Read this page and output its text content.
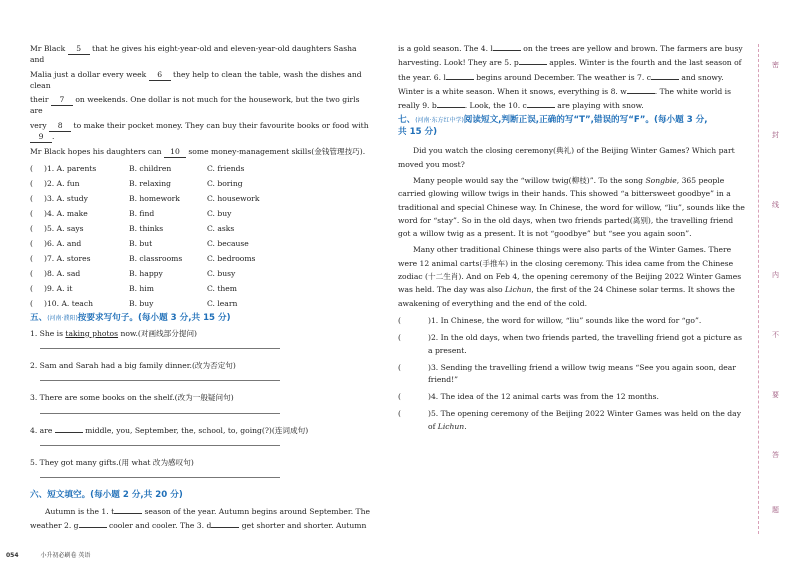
Mr Black 5 that he gives his eight-year-old and eleven-year-old daughters Sasha and

Malia just a dollar every week 6 they help to clean the table, wash the dishes and clean

their 7 on weekends. One dollar is not much for the housework, but the two girls are

very 8 to make their pocket money. They can buy their favourite books or food with 9 .

Mr Black hopes his daughters can 10 some money-management skills(金钱管理技巧).

(	)1. A. parents	B. children	C. friends
(	)2. A. fun	B. relaxing	C. boring
(	)3. A. study	B. homework	C. housework
(	)4. A. make	B. find	C. buy
(	)5. A. says	B. thinks	C. asks
(	)6. A. and	B. but	C. because
(	)7. A. stores	B. classrooms	C. bedrooms
(	)8. A. sad	B. happy	C. busy
(	)9. A. it	B. him	C. them
(	)10. A. teach	B. buy	C. learn
五、(河南·濮阳)按要求写句子。(每小题 3 分,共 15 分)

1. She is taking photos now.(对画线部分提问)

2. Sam and Sarah had a big family dinner.(改为否定句)

3. There are some books on the shelf.(改为一般疑问句)

4. are	middle, you, September, the, school, to, going(?)(连词成句)

5. They got many gifts.(用 what 改为感叹句)

六、短文填空。(每小题 2 分,共 20 分)

Autumn is the 1. t	season of the year. Autumn begins around September. The

weather 2. g	cooler and cooler. The 3. d	get shorter and shorter. Autumn

is a gold season. The 4. l	on the trees are yellow and brown. The farmers are busy

harvesting. Look! They are 5. p	apples. Winter is the fourth and the last season of

the year. 6. l	begins around December. The weather is 7. c	and snowy.

Winter is a white season. When it snows, everything is 8. w	. The white world is

really 9. b	. Look, the 10. c	are playing with snow.

七、(河南·东方红中学)阅读短文,判断正误,正确的写“T”,错误的写“F”。(每小题 3 分,
共 15 分)

Did you watch the closing ceremony(典礼) of the Beijing Winter Games? Which part moved you most?

Many people would say the “willow twig(柳枝)”. To the song Songbie, 365 people carried glowing willow twigs in their hands. This showed “a bittersweet goodbye” in a traditional and special Chinese way. In Chinese, the word for willow, “liu”, sounds like the word for “stay”. So in the old days, when two friends parted(离别), the travelling friend got a willow twig as a present. It is not “goodbye” but “see you again soon”.

Many other traditional Chinese things were also parts of the Winter Games. There were 12 animal carts(手推车) in the closing ceremony. This idea came from the Chinese zodiac (十二生肖). And on Feb 4, the opening ceremony of the Beijing 2022 Winter Games was held. The day was also Lichun, the first of the 24 Chinese solar terms. It shows the awakening of everything and the end of the cold.

(	)1. In Chinese, the word for willow, “liu” sounds like the word for “go”.
(	)2. In the old days, when two friends parted, the travelling friend got a picture as a present.
(	)3. Sending the travelling friend a willow twig means “See you again soon, dear friend!”
(	)4. The idea of the 12 animal carts was from the 12 months.
(	)5. The opening ceremony of the Beijing 2022 Winter Games was held on the day of Lichun.
密
封
线
内
不
要
答
题
054	小升初必刷卷 英语
